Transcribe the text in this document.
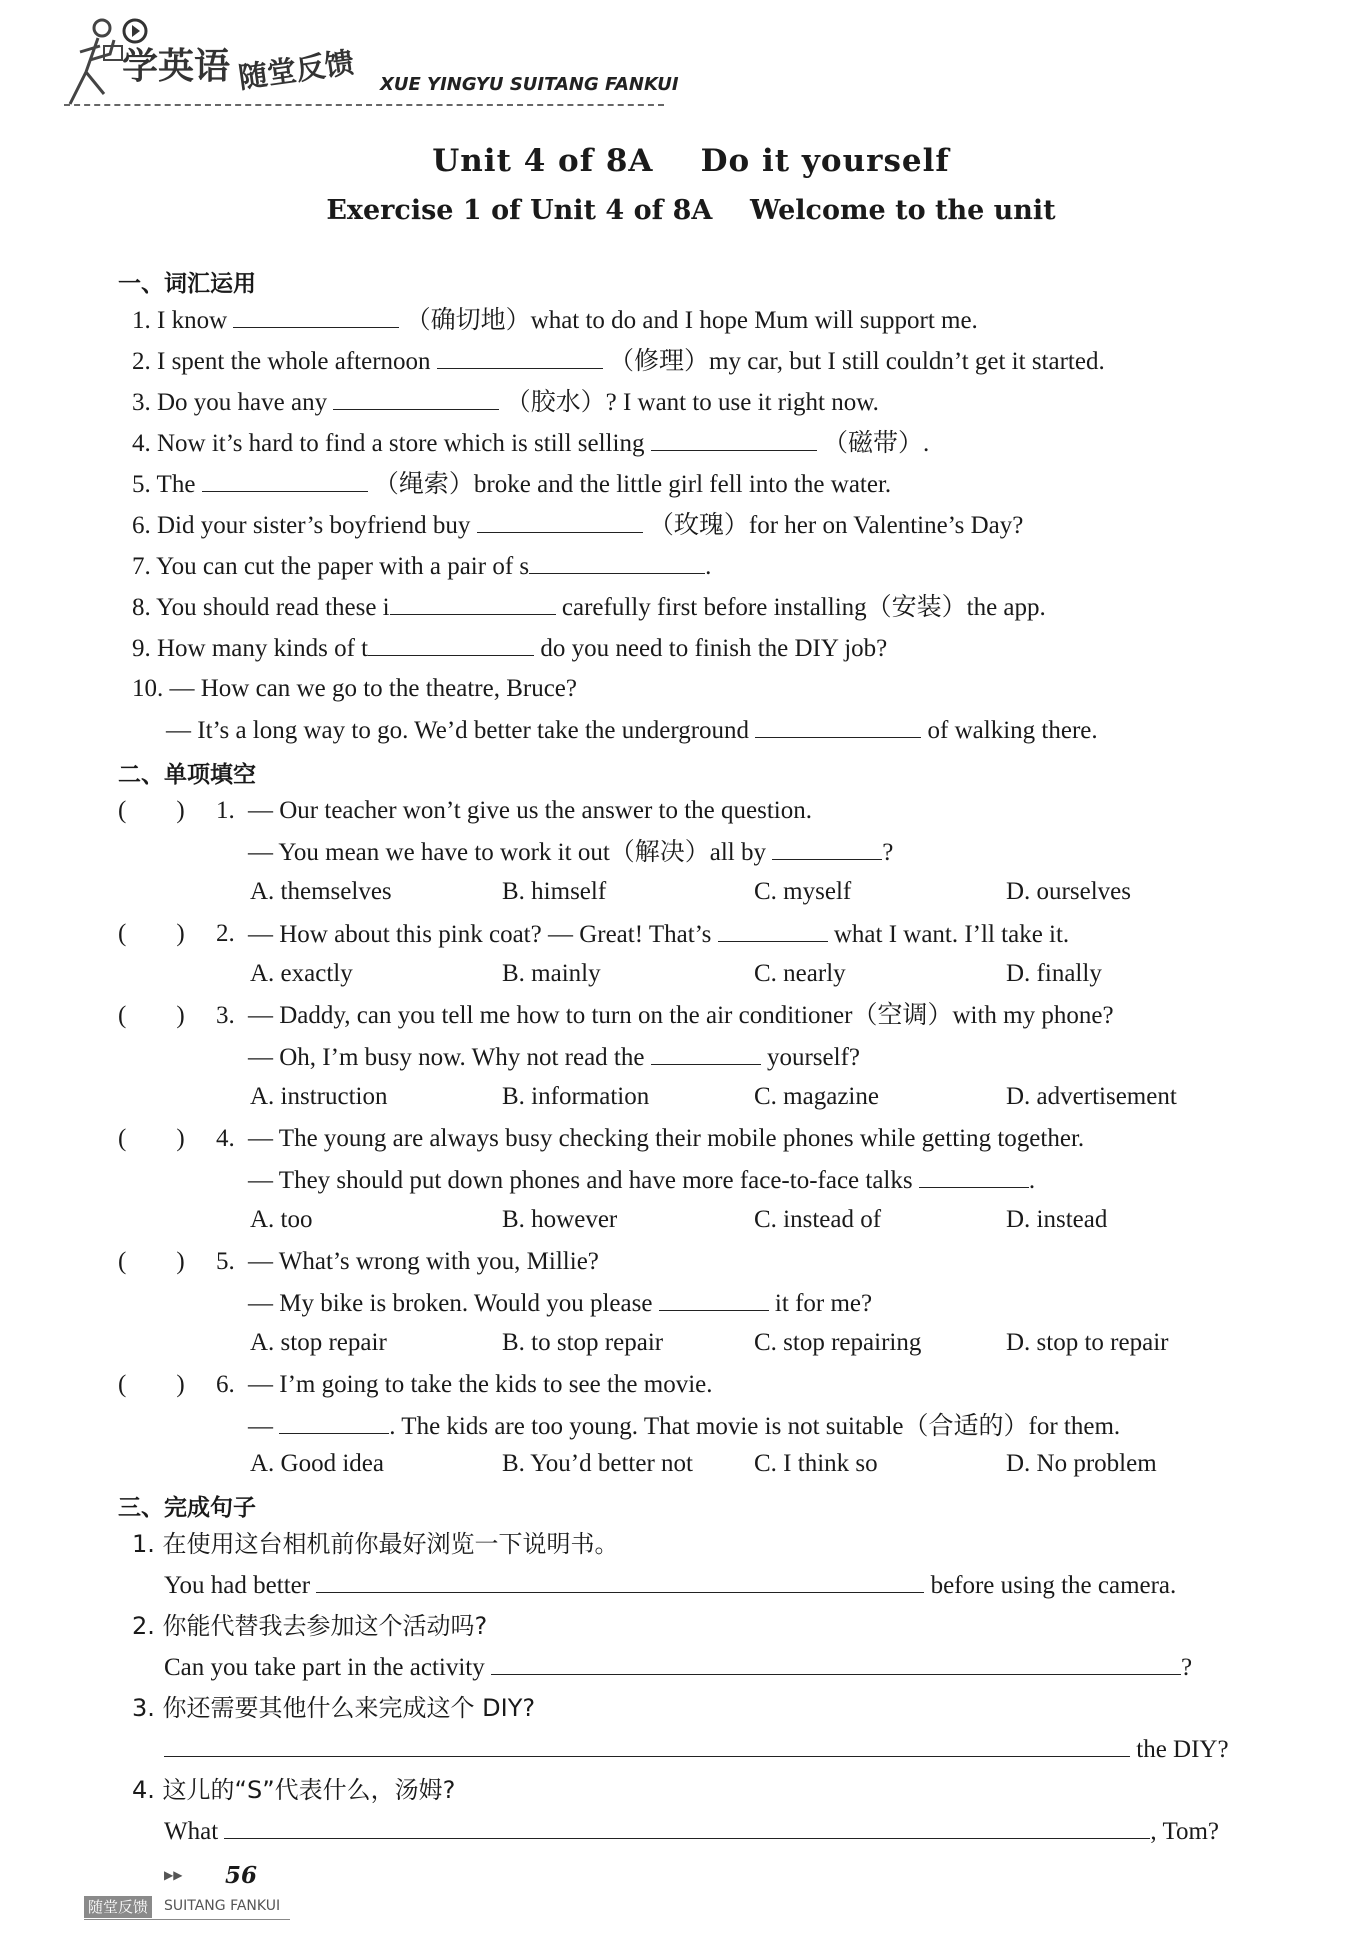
学英语 随堂反馈 XUE YINGYU SUITANG FANKUI
Unit 4 of 8A    Do it yourself
Exercise 1 of Unit 4 of 8A    Welcome to the unit
一、词汇运用
1. I know	（确切地）what to do and I hope Mum will support me.
2. I spent the whole afternoon	（修理）my car, but I still couldn’t get it started.
3. Do you have any	（胶水）? I want to use it right now.
4. Now it’s hard to find a store which is still selling	（磁带）.
5. The	（绳索）broke and the little girl fell into the water.
6. Did your sister’s boyfriend buy	（玫瑰）for her on Valentine’s Day?
7. You can cut the paper with a pair of s	.
8. You should read these i	carefully first before installing（安装）the app.
9. How many kinds of t	do you need to finish the DIY job?
10. — How can we go to the theatre, Bruce?
— It’s a long way to go. We’d better take the underground	of walking there.
二、单项填空
(        ) 1. — Our teacher won’t give us the answer to the question.
— You mean we have to work it out（解决）all by	?
A. themselves	B. himself	C. myself	D. ourselves
(        ) 2. — How about this pink coat? — Great! That’s	what I want. I’ll take it.
A. exactly	B. mainly	C. nearly	D. finally
(        ) 3. — Daddy, can you tell me how to turn on the air conditioner（空调）with my phone?
— Oh, I’m busy now. Why not read the	yourself?
A. instruction	B. information	C. magazine	D. advertisement
(        ) 4. — The young are always busy checking their mobile phones while getting together.
— They should put down phones and have more face-to-face talks	.
A. too	B. however	C. instead of	D. instead
(        ) 5. — What’s wrong with you, Millie?
— My bike is broken. Would you please	it for me?
A. stop repair	B. to stop repair	C. stop repairing	D. stop to repair
(        ) 6. — I’m going to take the kids to see the movie.
—	. The kids are too young. That movie is not suitable（合适的）for them.
A. Good idea	B. You’d better not C. I think so	D. No problem
三、完成句子
1. 在使用这台相机前你最好浏览一下说明书。
You had better	before using the camera.
2. 你能代替我去参加这个活动吗?
Can you take part in the activity	?
3. 你还需要其他什么来完成这个 DIY?
the DIY?
4. 这儿的“S”代表什么，汤姆?
What	, Tom?
▶▶ 56
随堂反馈 SUITANG FANKUI
